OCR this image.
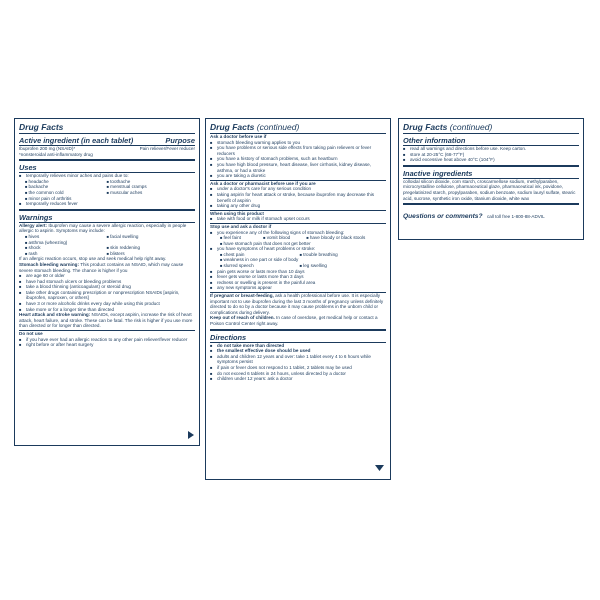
Drug Facts
Active ingredient (in each tablet)	Purpose
Ibuprofen 200 mg (NSAID)*	Pain reliever/Fever reducer
*nonsteroidal anti-inflammatory drug
Uses
■ temporarily relieves minor aches and pains due to:
■ headache	■ toothache
■ backache	■ menstrual cramps
■ the common cold	■ muscular aches
■ minor pain of arthritis
■ temporarily reduces fever
Warnings

Allergy alert: Ibuprofen may cause a severe allergic reaction, especially in people allergic to aspirin. Symptoms may include:

■ hives	■ facial swelling
■ asthma (wheezing)
■ shock	■ skin reddening
■ rash	■ blisters

If an allergic reaction occurs, stop use and seek medical help right away.

Stomach bleeding warning: This product contains an NSAID, which may cause severe stomach bleeding. The chance is higher if you

■ are age 60 or older
■ have had stomach ulcers or bleeding problems
■ take a blood thinning (anticoagulant) or steroid drug
■ take other drugs containing prescription or nonprescription NSAIDs [aspirin, ibuprofen, naproxen, or others]
■ have 3 or more alcoholic drinks every day while using this product
■ take more or for a longer time than directed

Heart attack and stroke warning: NSAIDs, except aspirin, increase the risk of heart attack, heart failure, and stroke. These can be fatal. The risk is higher if you use more than directed or for longer than directed.

Do not use
■ if you have ever had an allergic reaction to any other pain reliever/fever reducer
■ right before or after heart surgery
Drug Facts (continued)
Ask a doctor before use if
■ stomach bleeding warning applies to you
■ you have problems or serious side effects from taking pain relievers or fever reducers
■ you have a history of stomach problems, such as heartburn
■ you have high blood pressure, heart disease, liver cirrhosis, kidney disease, asthma, or had a stroke
■ you are taking a diuretic
Ask a doctor or pharmacist before use if you are
■ under a doctor's care for any serious condition
■ taking aspirin for heart attack or stroke, because ibuprofen may decrease this benefit of aspirin
■ taking any other drug
When using this product
■ take with food or milk if stomach upset occurs
Stop use and ask a doctor if
■ you experience any of the following signs of stomach bleeding:
■ feel faint	■ vomit blood	■ have bloody or black stools
■ have stomach pain that does not get better
■ you have symptoms of heart problems or stroke:
■ chest pain	■ trouble breathing
■ weakness in one part or side of body
■ slurred speech	■ leg swelling
■ pain gets worse or lasts more than 10 days
■ fever gets worse or lasts more than 3 days
■ redness or swelling is present in the painful area
■ any new symptoms appear

If pregnant or breast-feeding, ask a health professional before use. It is especially important not to use ibuprofen during the last 3 months of pregnancy unless definitely directed to do so by a doctor because it may cause problems in the unborn child or complications during delivery.

Keep out of reach of children. In case of overdose, get medical help or contact a Poison Control Center right away.

Directions
■ do not take more than directed
■ the smallest effective dose should be used
■ adults and children 12 years and over: take 1 tablet every 4 to 6 hours while symptoms persist
■ if pain or fever does not respond to 1 tablet, 2 tablets may be used
■ do not exceed 6 tablets in 24 hours, unless directed by a doctor
■ children under 12 years: ask a doctor
Drug Facts (continued)
Other information
■ read all warnings and directions before use. Keep carton.
■ store at 20-25°C (68-77°F)
■ avoid excessive heat above 40°C (104°F)
Inactive ingredients

colloidal silicon dioxide, corn starch, croscarmellose sodium, methylparaben, microcrystalline cellulose, pharmaceutical glaze, pharmaceutical ink, povidone, pregelatinized starch, propylparaben, sodium benzoate, sodium lauryl sulfate, stearic acid, sucrose, synthetic iron oxide, titanium dioxide, white wax

Questions or comments? call toll free 1-800-88-ADVIL
